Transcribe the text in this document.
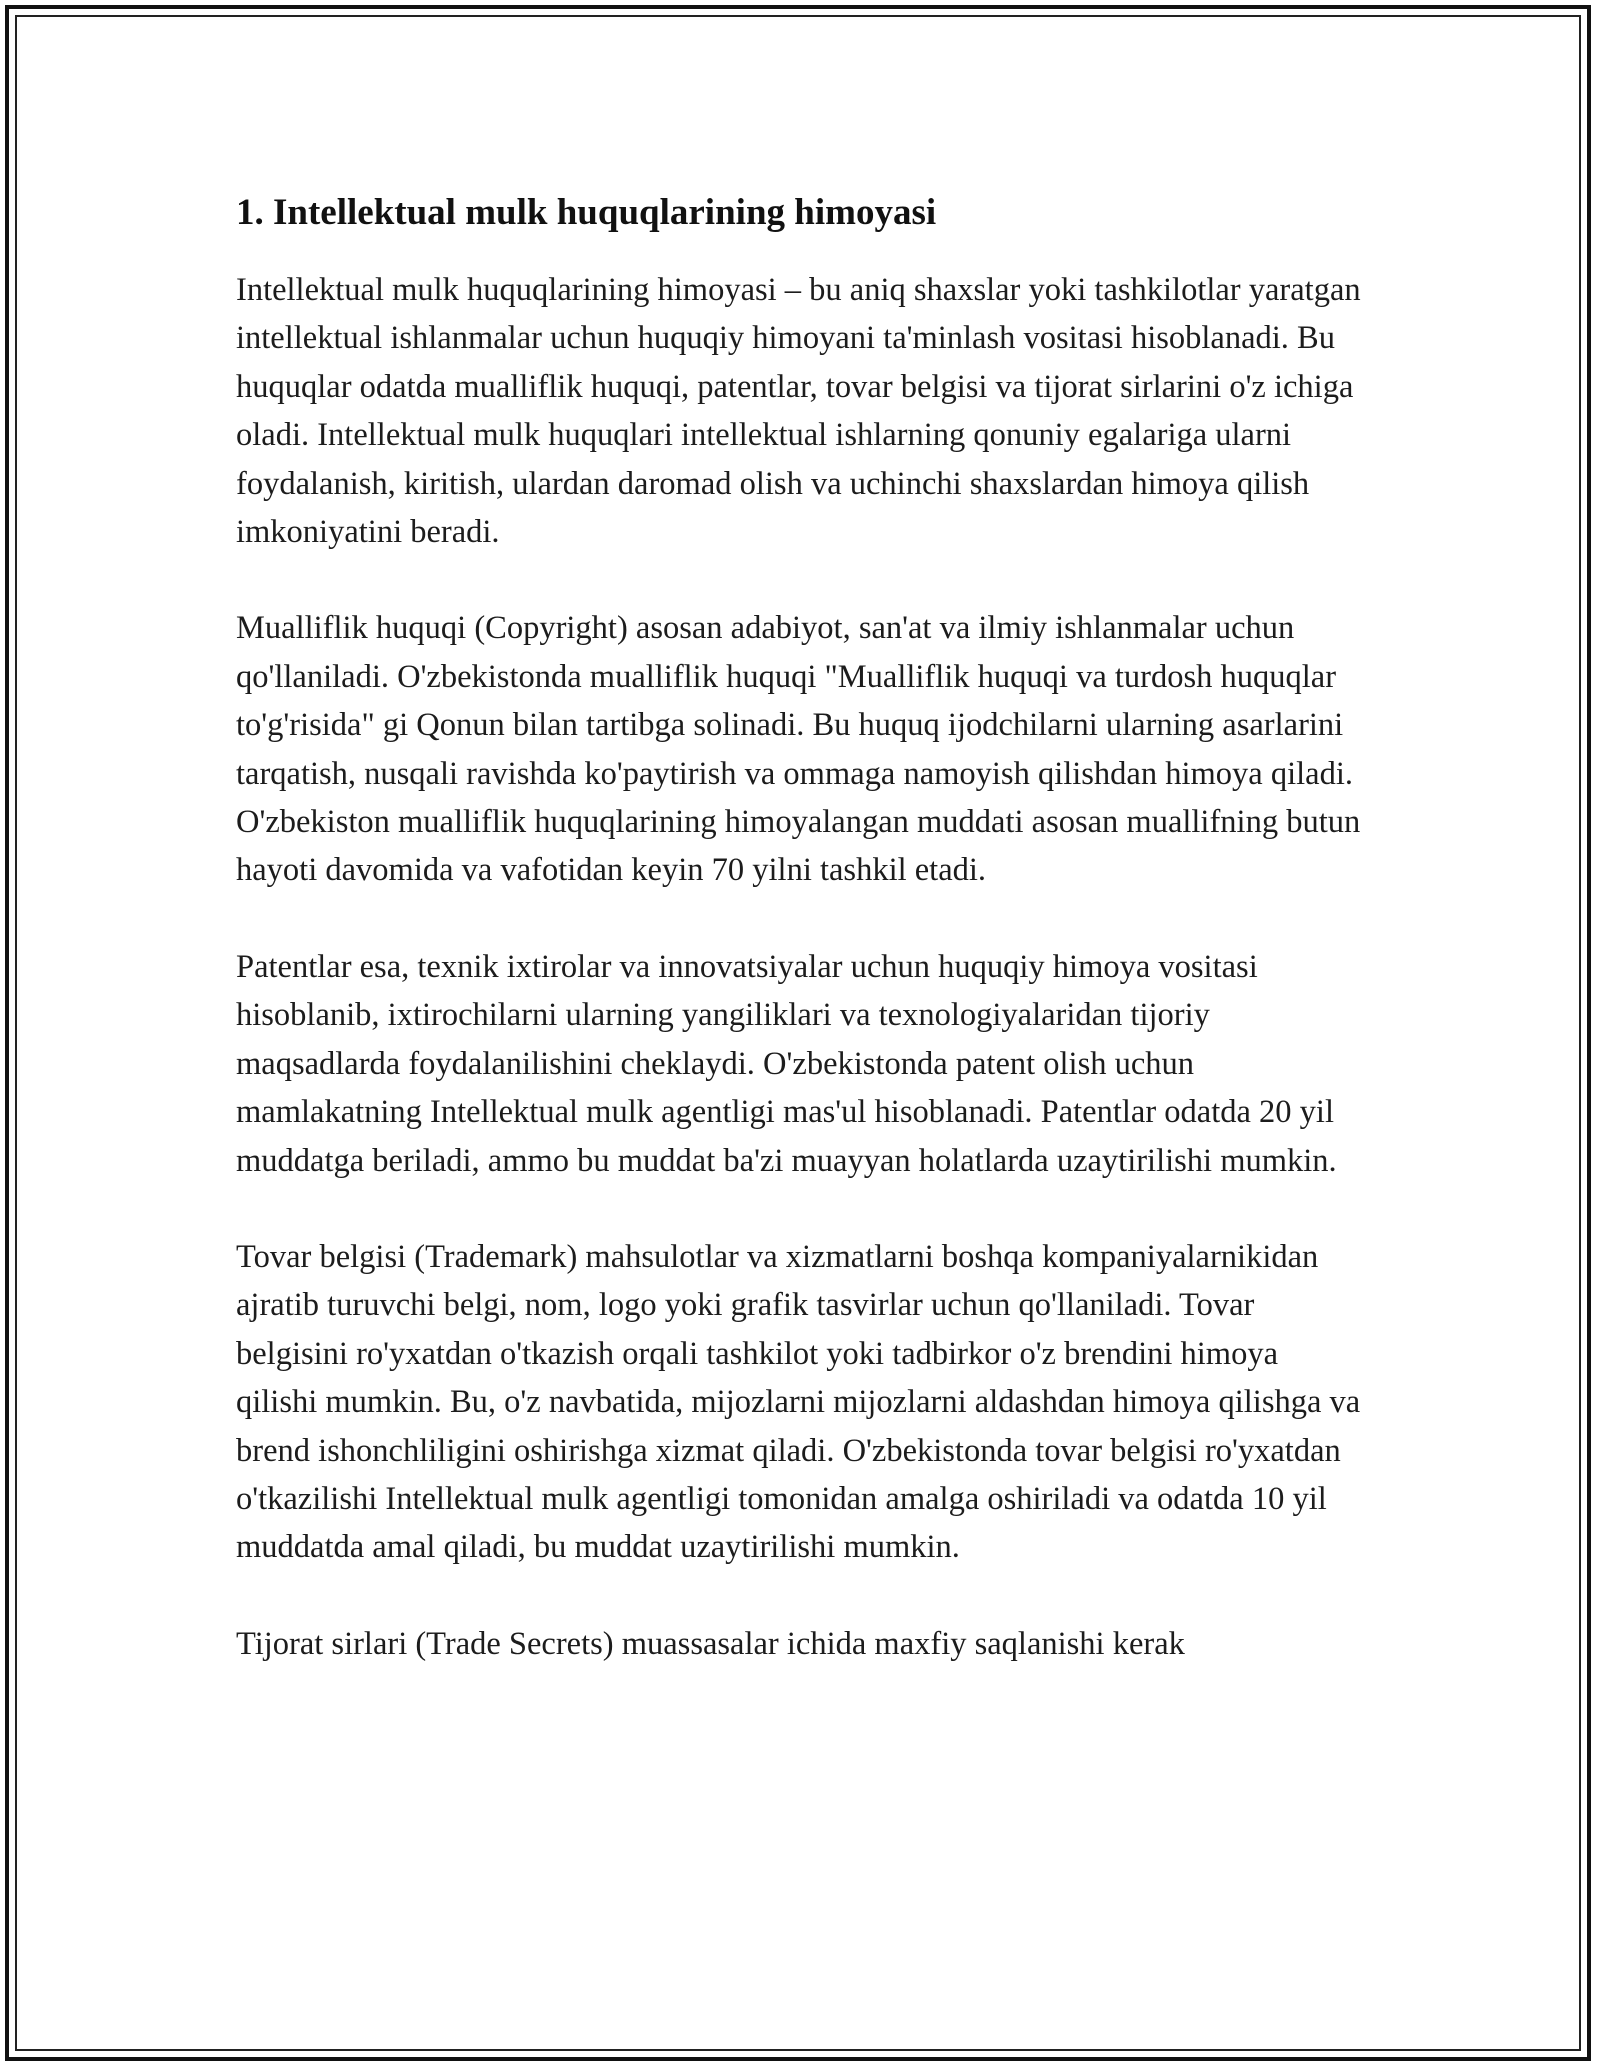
1. Intellektual mulk huquqlarining himoyasi

Intellektual mulk huquqlarining himoyasi – bu aniq shaxslar yoki tashkilotlar yaratgan intellektual ishlanmalar uchun huquqiy himoyani ta'minlash vositasi hisoblanadi. Bu huquqlar odatda mualliflik huquqi, patentlar, tovar belgisi va tijorat sirlarini o'z ichiga oladi. Intellektual mulk huquqlari intellektual ishlarning qonuniy egalariga ularni foydalanish, kiritish, ulardan daromad olish va uchinchi shaxslardan himoya qilish imkoniyatini beradi.

Mualliflik huquqi (Copyright) asosan adabiyot, san'at va ilmiy ishlanmalar uchun qo'llaniladi. O'zbekistonda mualliflik huquqi "Mualliflik huquqi va turdosh huquqlar to'g'risida" gi Qonun bilan tartibga solinadi. Bu huquq ijodchilarni ularning asarlarini tarqatish, nusqali ravishda ko'paytirish va ommaga namoyish qilishdan himoya qiladi. O'zbekiston mualliflik huquqlarining himoyalangan muddati asosan muallifning butun hayoti davomida va vafotidan keyin 70 yilni tashkil etadi.

Patentlar esa, texnik ixtirolar va innovatsiyalar uchun huquqiy himoya vositasi hisoblanib, ixtirochilarni ularning yangiliklari va texnologiyalaridan tijoriy maqsadlarda foydalanilishini cheklaydi. O'zbekistonda patent olish uchun mamlakatning Intellektual mulk agentligi mas'ul hisoblanadi. Patentlar odatda 20 yil muddatga beriladi, ammo bu muddat ba'zi muayyan holatlarda uzaytirilishi mumkin.

Tovar belgisi (Trademark) mahsulotlar va xizmatlarni boshqa kompaniyalarnikidan ajratib turuvchi belgi, nom, logo yoki grafik tasvirlar uchun qo'llaniladi. Tovar belgisini ro'yxatdan o'tkazish orqali tashkilot yoki tadbirkor o'z brendini himoya qilishi mumkin. Bu, o'z navbatida, mijozlarni mijozlarni aldashdan himoya qilishga va brend ishonchliligini oshirishga xizmat qiladi. O'zbekistonda tovar belgisi ro'yxatdan o'tkazilishi Intellektual mulk agentligi tomonidan amalga oshiriladi va odatda 10 yil muddatda amal qiladi, bu muddat uzaytirilishi mumkin.

Tijorat sirlari (Trade Secrets) muassasalar ichida maxfiy saqlanishi kerak
